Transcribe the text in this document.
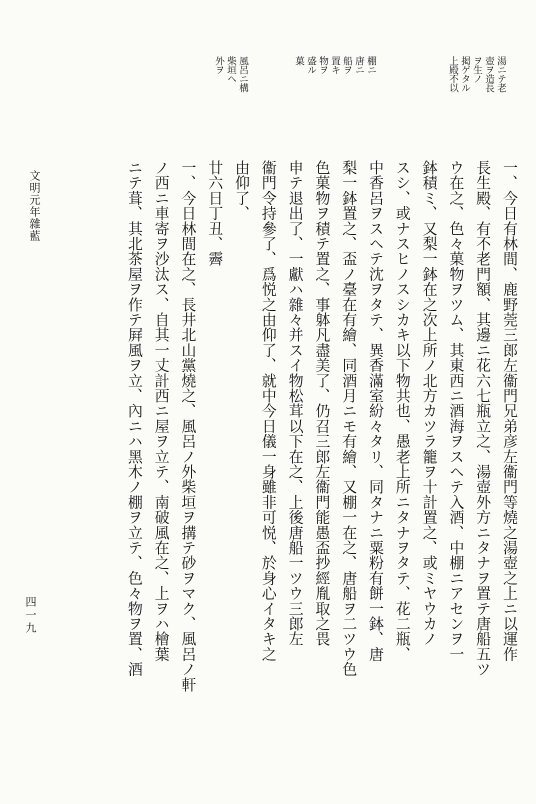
湯ニテ老
壺ヲ造長
ヲ生ノ
掲ゲタル
上殿不以
棚ニ
唐ニ
船ヲ
置キ
物ヲ
盛ル
菓
風呂ニ構
柴垣ヘ
外ヲ
一、今日有林間、鹿野莞三郎左衞門兄弟彦左衞門等燒之湯壺之上ニ以運作
長生殿、有不老門額、其邊ニ花六七瓶立之、湯壺外方ニタナヲ置テ唐船五ツ
ウ在之、色々菓物ヲツム、其東西ニ酒海ヲスヘテ入酒、中棚ニアセンヲ一
鉢積ミ、又梨一鉢在之次上所ノ北方カツラ籠ヲ十計置之、或ミヤウカノ
スシ、或ナスヒノスシカキ以下物共也、愚老上所ニタナヲタテ、花二瓶、
中香呂ヲスヘテ沈ヲタテ、異香滿室紛々タリ、同タナニ粟粉有餅一鉢、唐
梨一鉢置之、盃ノ臺在有繪、同酒月ニモ有繪、又棚一在之、唐船ヲ二ツウ色
色菓物ヲ積テ置之、事躰凡盡美了、仍召三郎左衞門能愚盃抄經胤取之畏
申テ退出了、一獻ハ雜々并スイ物松茸以下在之、上後唐船一ツウ三郎左
衞門令持參了、爲悦之由仰了、就中今日儀一身雖非可悦、於身心イタキ之
由仰了、
廿六日丁丑、霽
一、今日林間在之、長井北山黨燒之、風呂ノ外柴垣ヲ搆テ砂ヲマク、風呂ノ軒
ノ西ニ車寄ヲ沙汰ス、自其一丈計西ニ屋ヲ立テ、南破風在之、上ヲハ檜葉
ニテ葺、其北茶屋ヲ作テ屛風ヲ立、內ニハ黑木ノ棚ヲ立テ、色々物ヲ置、酒
文明元年雜藍
四一九
